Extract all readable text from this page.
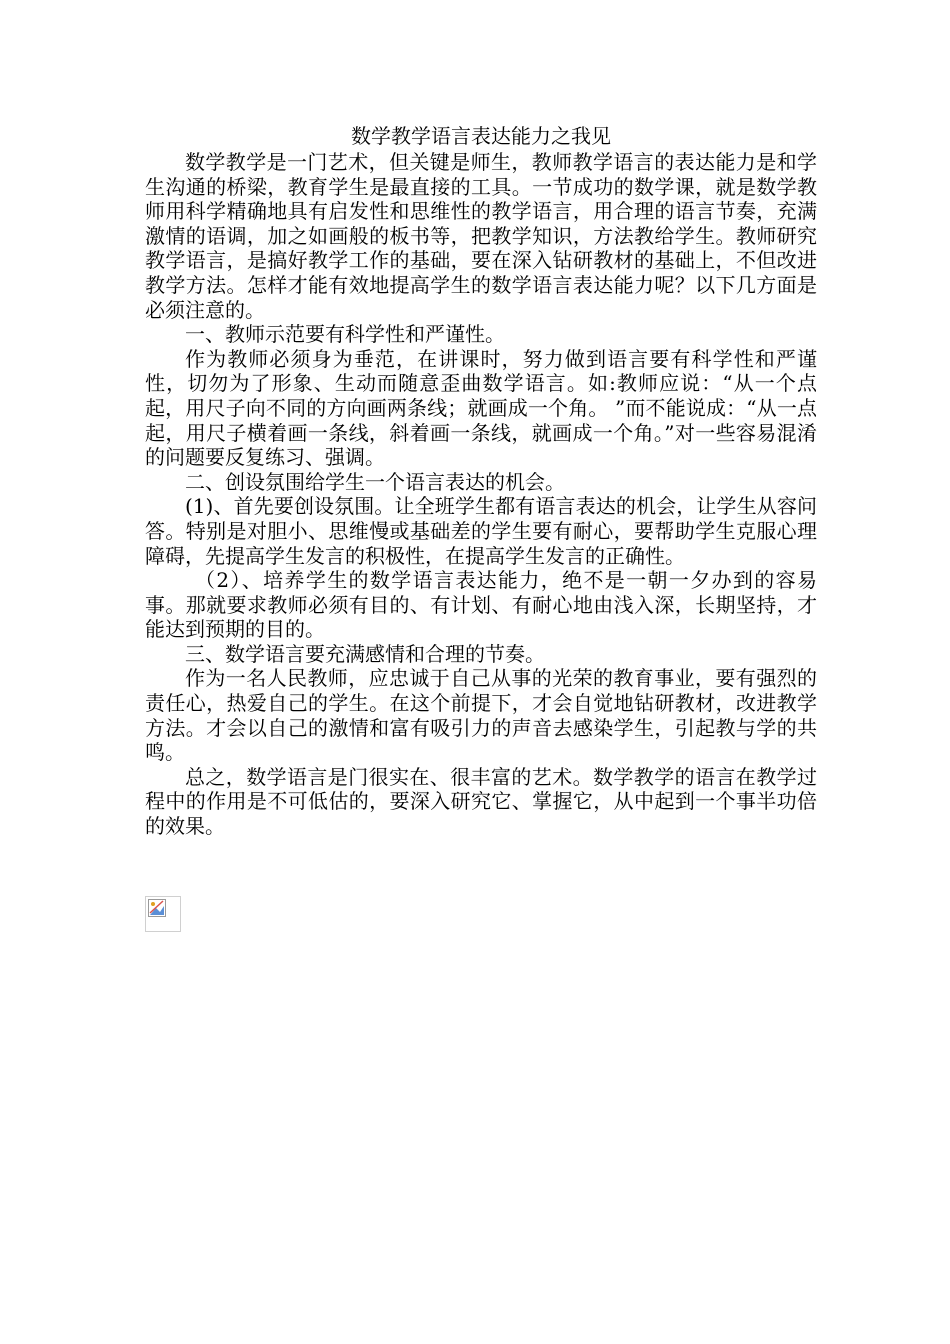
数学教学语言表达能力之我见

数学教学是一门艺术，但关键是师生，教师教学语言的表达能力是和学生沟通的桥梁，教育学生是最直接的工具。一节成功的数学课，就是数学教师用科学精确地具有启发性和思维性的教学语言，用合理的语言节奏，充满激情的语调，加之如画般的板书等，把教学知识，方法教给学生。教师研究教学语言，是搞好教学工作的基础，要在深入钻研教材的基础上，不但改进教学方法。怎样才能有效地提高学生的数学语言表达能力呢？以下几方面是必须注意的。

一、教师示范要有科学性和严谨性。

作为教师必须身为垂范，在讲课时，努力做到语言要有科学性和严谨性，切勿为了形象、生动而随意歪曲数学语言。如:教师应说：“从一个点起，用尺子向不同的方向画两条线；就画成一个角。 ”而不能说成：“从一点起，用尺子横着画一条线，斜着画一条线，就画成一个角。”对一些容易混淆的问题要反复练习、强调。

二、创设氛围给学生一个语言表达的机会。

(1)、首先要创设氛围。让全班学生都有语言表达的机会，让学生从容问答。特别是对胆小、思维慢或基础差的学生要有耐心，要帮助学生克服心理障碍，先提高学生发言的积极性，在提高学生发言的正确性。

（2）、培养学生的数学语言表达能力，绝不是一朝一夕办到的容易事。那就要求教师必须有目的、有计划、有耐心地由浅入深，长期坚持，才能达到预期的目的。

三、数学语言要充满感情和合理的节奏。

作为一名人民教师，应忠诚于自己从事的光荣的教育事业，要有强烈的责任心，热爱自己的学生。在这个前提下，才会自觉地钻研教材，改进教学方法。才会以自己的激情和富有吸引力的声音去感染学生，引起教与学的共鸣。

总之，数学语言是门很实在、很丰富的艺术。数学教学的语言在教学过程中的作用是不可低估的，要深入研究它、掌握它，从中起到一个事半功倍的效果。
